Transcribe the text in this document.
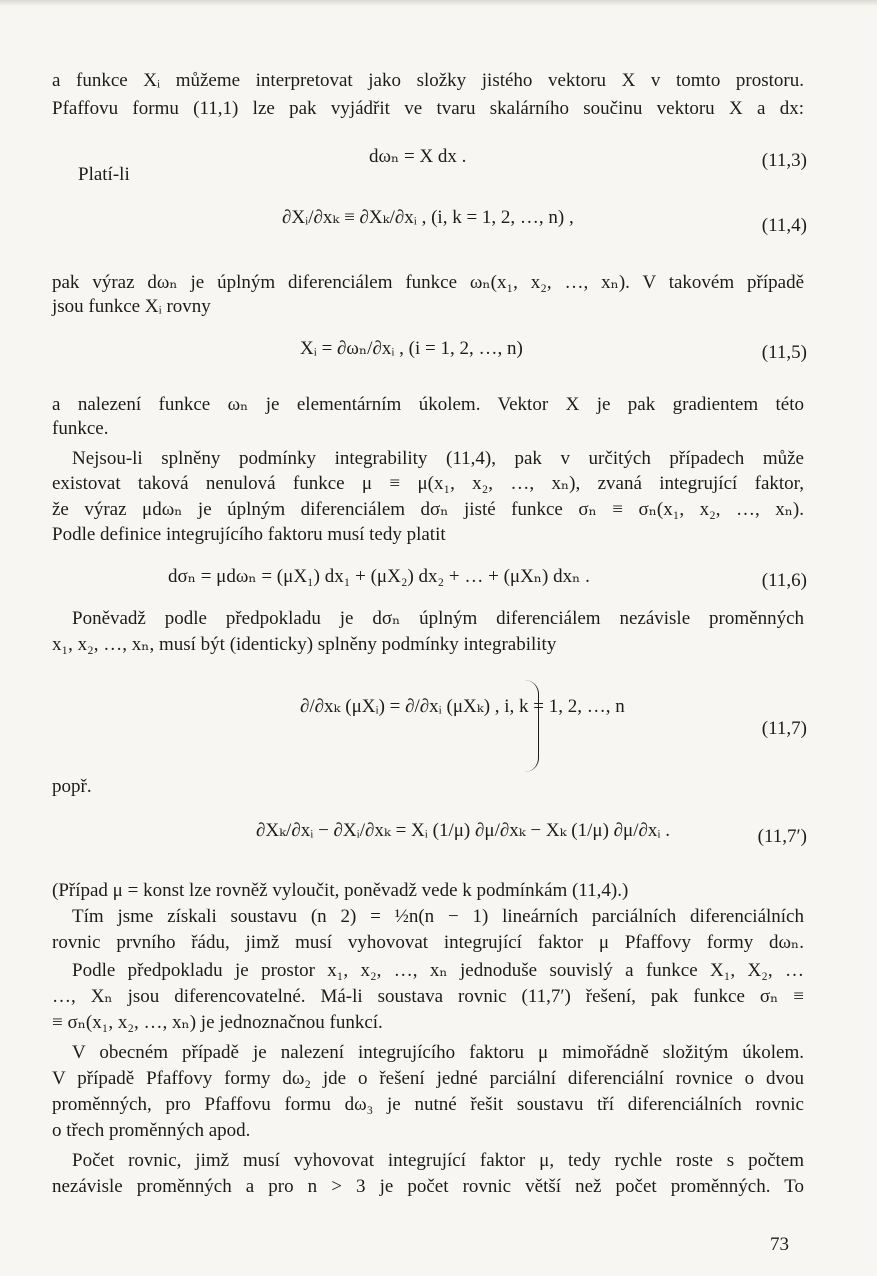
a funkce Xᵢ můžeme interpretovat jako složky jistého vektoru X v tomto prostoru.
Pfaffovu formu (11,1) lze pak vyjádřit ve tvaru skalárního součinu vektoru X a dx:
dωₙ = X dx .	(11,3)
Platí-li
∂Xᵢ/∂xₖ ≡ ∂Xₖ/∂xᵢ , (i, k = 1, 2, …, n) ,	(11,4)
pak výraz dωₙ je úplným diferenciálem funkce ωₙ(x₁, x₂, …, xₙ). V takovém případě
jsou funkce Xᵢ rovny
Xᵢ = ∂ωₙ/∂xᵢ , (i = 1, 2, …, n)	(11,5)
a nalezení funkce ωₙ je elementárním úkolem. Vektor X je pak gradientem této
funkce.
Nejsou-li splněny podmínky integrability (11,4), pak v určitých případech může
existovat taková nenulová funkce μ ≡ μ(x₁, x₂, …, xₙ), zvaná integrující faktor,
že výraz μdωₙ je úplným diferenciálem dσₙ jisté funkce σₙ ≡ σₙ(x₁, x₂, …, xₙ).
Podle definice integrujícího faktoru musí tedy platit
dσₙ = μdωₙ = (μX₁) dx₁ + (μX₂) dx₂ + … + (μXₙ) dxₙ .	(11,6)
Poněvadž podle předpokladu je dσₙ úplným diferenciálem nezávisle proměnných
x₁, x₂, …, xₙ, musí být (identicky) splněny podmínky integrability
∂/∂xₖ (μXᵢ) = ∂/∂xᵢ (μXₖ) , i, k = 1, 2, …, n
(11,7)
popř.
∂Xₖ/∂xᵢ − ∂Xᵢ/∂xₖ = Xᵢ (1/μ) ∂μ/∂xₖ − Xₖ (1/μ) ∂μ/∂xᵢ .	(11,7′)
(Případ μ = konst lze rovněž vyloučit, poněvadž vede k podmínkám (11,4).)
Tím jsme získali soustavu (n 2) = ½n(n − 1) lineárních parciálních diferenciálních
rovnic prvního řádu, jimž musí vyhovovat integrující faktor μ Pfaffovy formy dωₙ.
Podle předpokladu je prostor x₁, x₂, …, xₙ jednoduše souvislý a funkce X₁, X₂, …
…, Xₙ jsou diferencovatelné. Má-li soustava rovnic (11,7′) řešení, pak funkce σₙ ≡
≡ σₙ(x₁, x₂, …, xₙ) je jednoznačnou funkcí.
V obecném případě je nalezení integrujícího faktoru μ mimořádně složitým úkolem.
V případě Pfaffovy formy dω₂ jde o řešení jedné parciální diferenciální rovnice o dvou
proměnných, pro Pfaffovu formu dω₃ je nutné řešit soustavu tří diferenciálních rovnic
o třech proměnných apod.
Počet rovnic, jimž musí vyhovovat integrující faktor μ, tedy rychle roste s počtem
nezávisle proměnných a pro n > 3 je počet rovnic větší než počet proměnných. To
73
